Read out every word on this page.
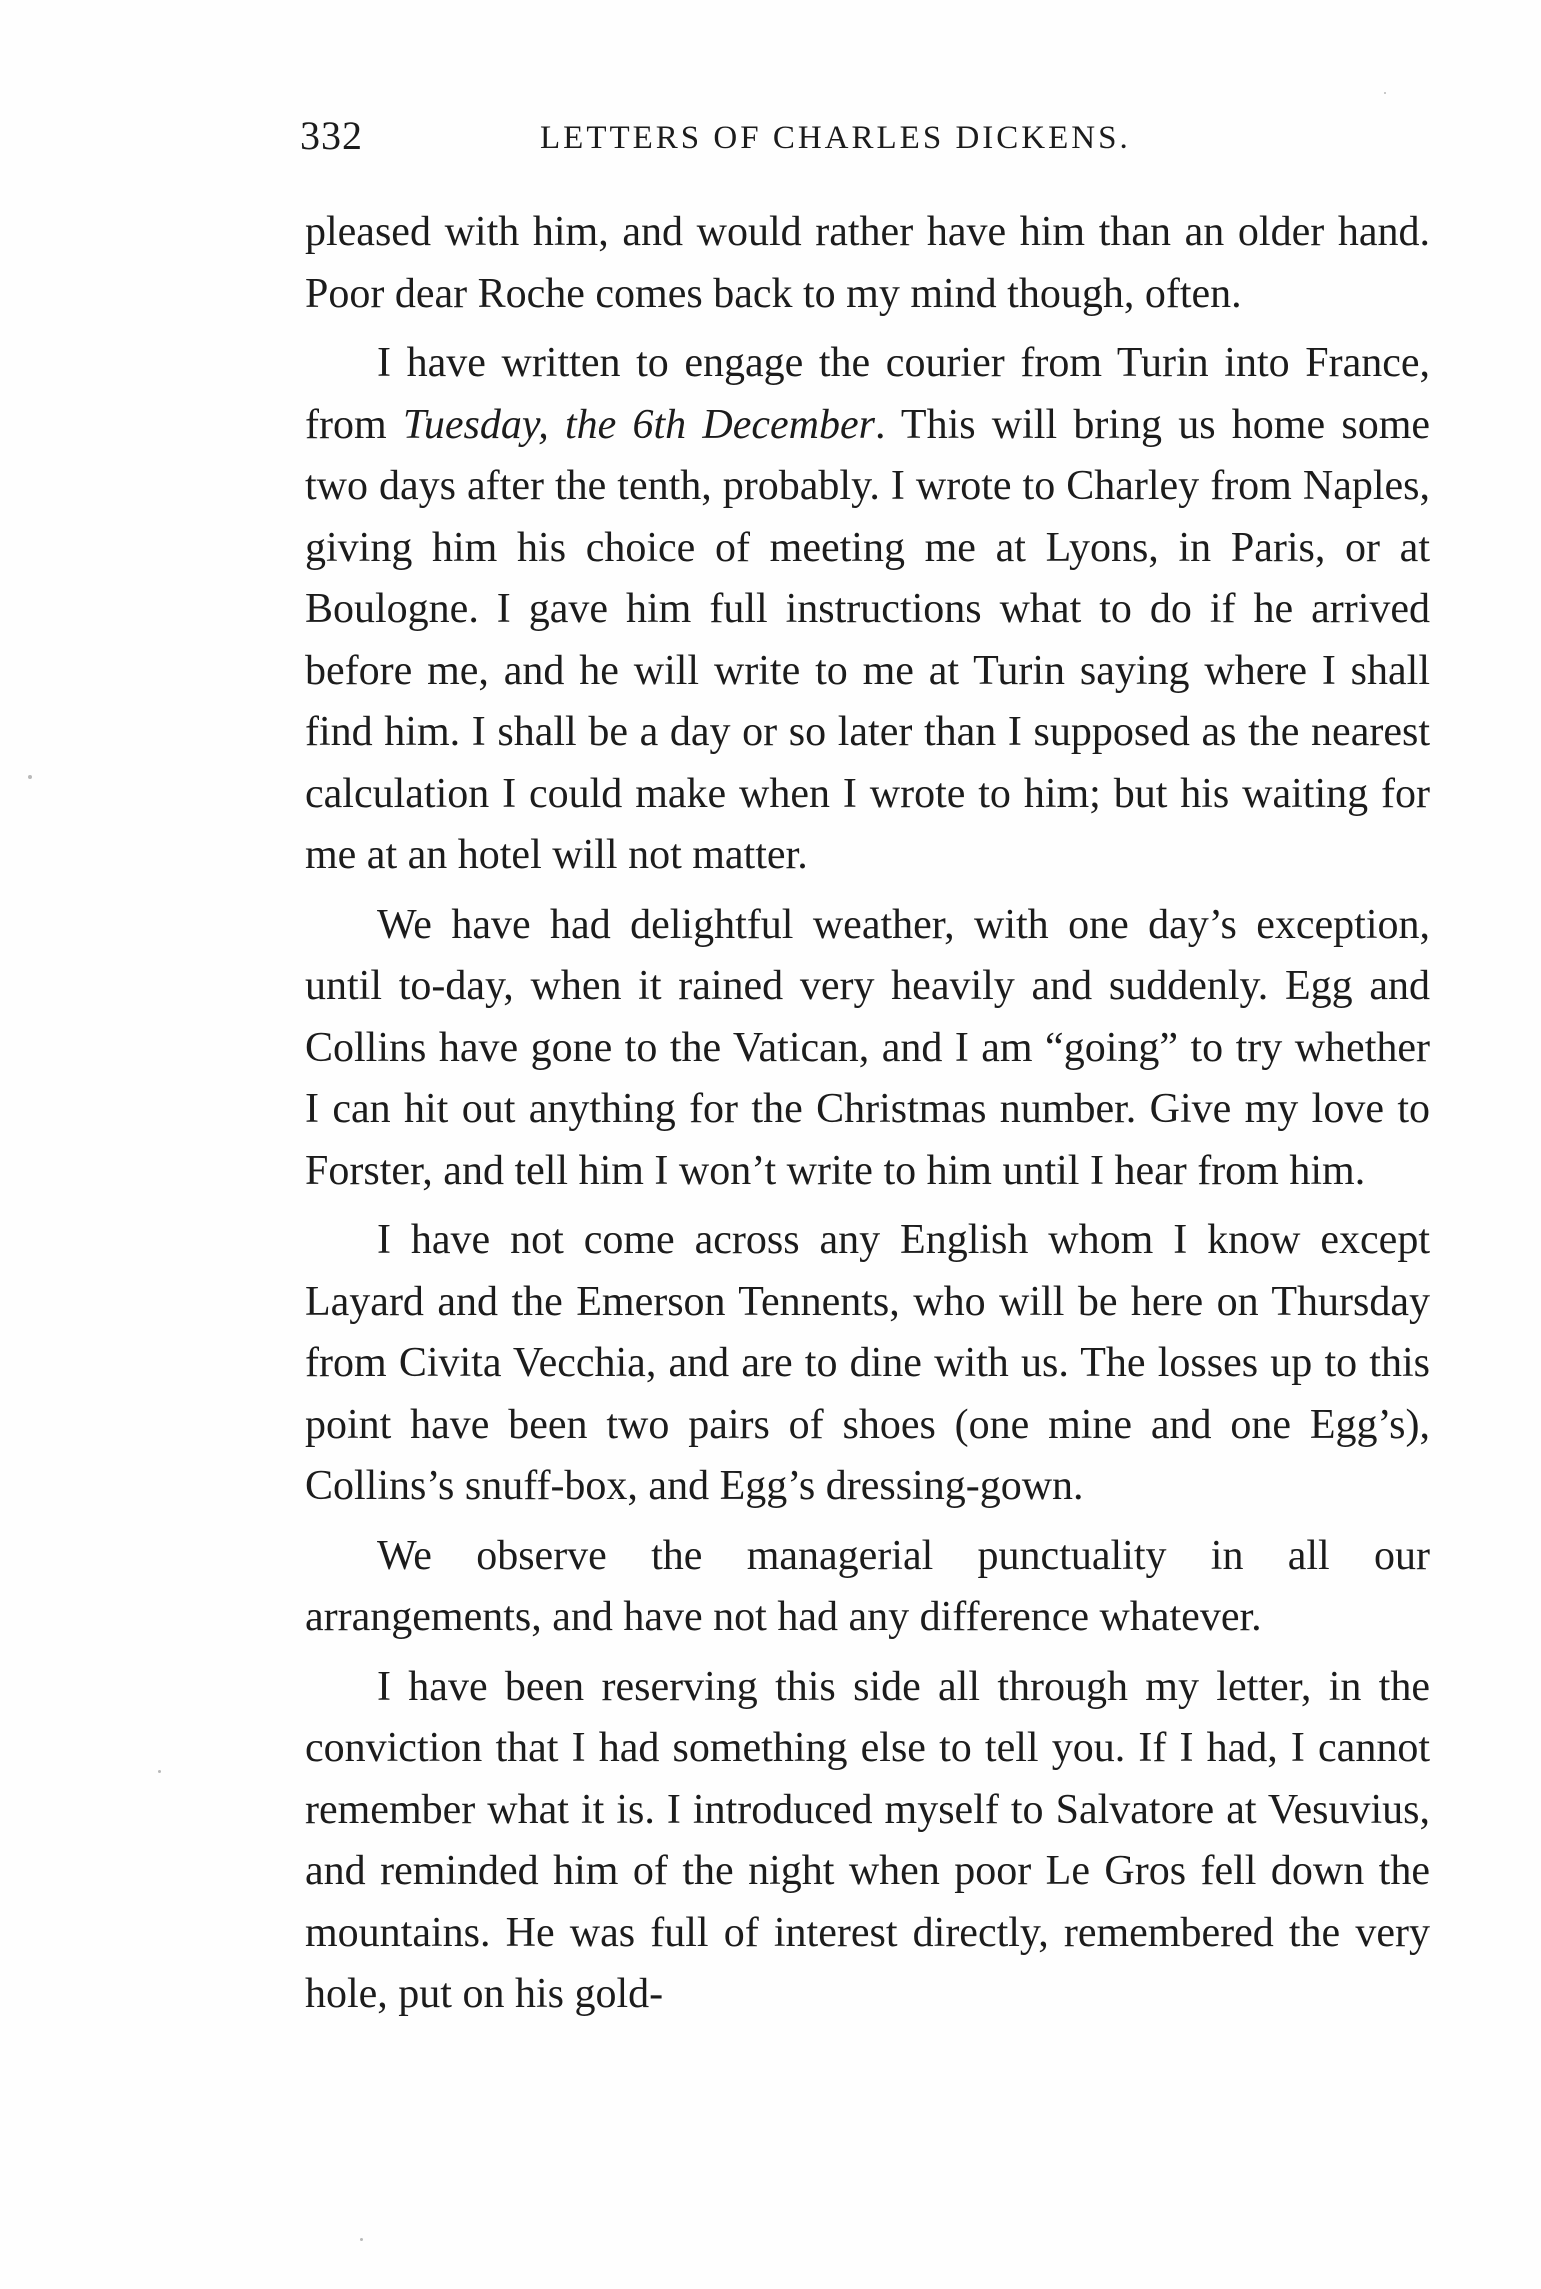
332	LETTERS OF CHARLES DICKENS.

pleased with him, and would rather have him than an older hand. Poor dear Roche comes back to my mind though, often.

I have written to engage the courier from Turin into France, from Tuesday, the 6th December. This will bring us home some two days after the tenth, probably. I wrote to Charley from Naples, giving him his choice of meeting me at Lyons, in Paris, or at Boulogne. I gave him full instructions what to do if he arrived before me, and he will write to me at Turin saying where I shall find him. I shall be a day or so later than I supposed as the nearest calculation I could make when I wrote to him; but his waiting for me at an hotel will not matter.

We have had delightful weather, with one day’s exception, until to-day, when it rained very heavily and suddenly. Egg and Collins have gone to the Vatican, and I am “going” to try whether I can hit out anything for the Christmas number. Give my love to Forster, and tell him I won’t write to him until I hear from him.

I have not come across any English whom I know except Layard and the Emerson Tennents, who will be here on Thursday from Civita Vecchia, and are to dine with us. The losses up to this point have been two pairs of shoes (one mine and one Egg’s), Collins’s snuff-box, and Egg’s dressing-gown.

We observe the managerial punctuality in all our arrangements, and have not had any difference whatever.

I have been reserving this side all through my letter, in the conviction that I had something else to tell you. If I had, I cannot remember what it is. I introduced myself to Salvatore at Vesuvius, and reminded him of the night when poor Le Gros fell down the mountains. He was full of interest directly, remembered the very hole, put on his gold-
